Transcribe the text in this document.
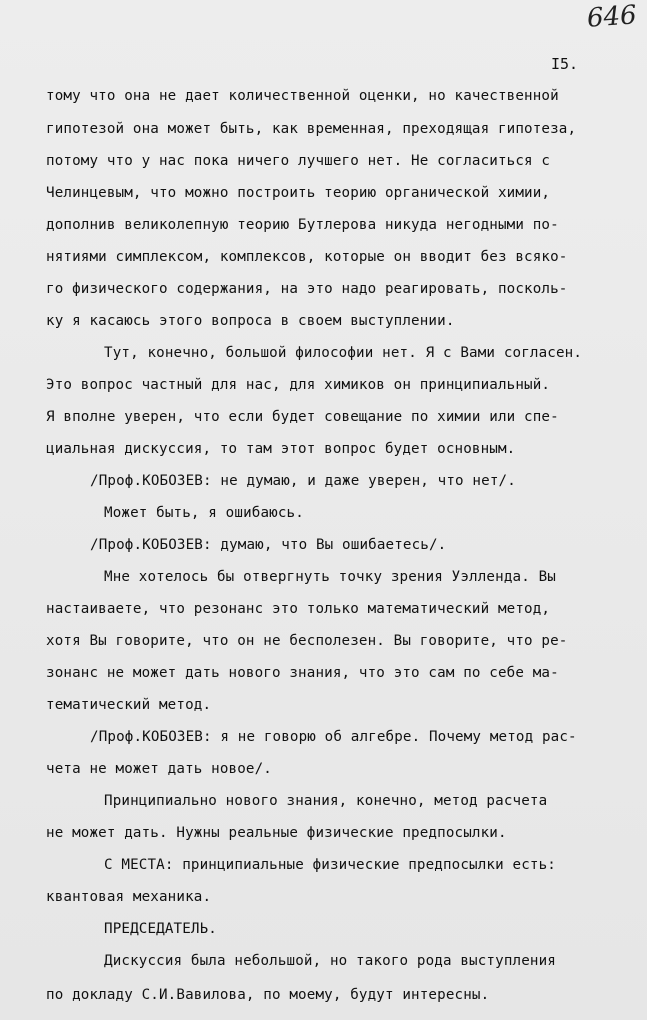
646
I5.
тому что она не дает количественной оценки, но качественной
гипотезой она может быть, как временная, преходящая гипотеза,
потому что у нас пока ничего лучшего нет. Не согласиться с
Челинцевым, что можно построить теорию органической химии,
дополнив великолепную теорию Бутлерова никуда негодными по-
нятиями симплексом, комплексов, которые он вводит без всяко-
го физического содержания, на это надо реагировать, посколь-
ку я касаюсь этого вопроса в своем выступлении.
Тут, конечно, большой философии нет. Я с Вами согласен.
Это вопрос частный для нас, для химиков он принципиальный.
Я вполне уверен, что если будет совещание по химии или спе-
циальная дискуссия, то там этот вопрос будет основным.
/Проф.КОБОЗЕВ: не думаю, и даже уверен, что нет/.
Может быть, я ошибаюсь.
/Проф.КОБОЗЕВ: думаю, что Вы ошибаетесь/.
Мне хотелось бы отвергнуть точку зрения Уэлленда. Вы
настаиваете, что резонанс это только математический метод,
хотя Вы говорите, что он не бесполезен. Вы говорите, что ре-
зонанс не может дать нового знания, что это сам по себе ма-
тематический метод.
/Проф.КОБОЗЕВ: я не говорю об алгебре. Почему метод рас-
чета не может дать новое/.
Принципиально нового знания, конечно, метод расчета
не может дать. Нужны реальные физические предпосылки.
С МЕСТА: принципиальные физические предпосылки есть:
квантовая механика.
ПРЕДСЕДАТЕЛЬ.
Дискуссия была небольшой, но такого рода выступления
по докладу С.И.Вавилова, по моему, будут интересны.
